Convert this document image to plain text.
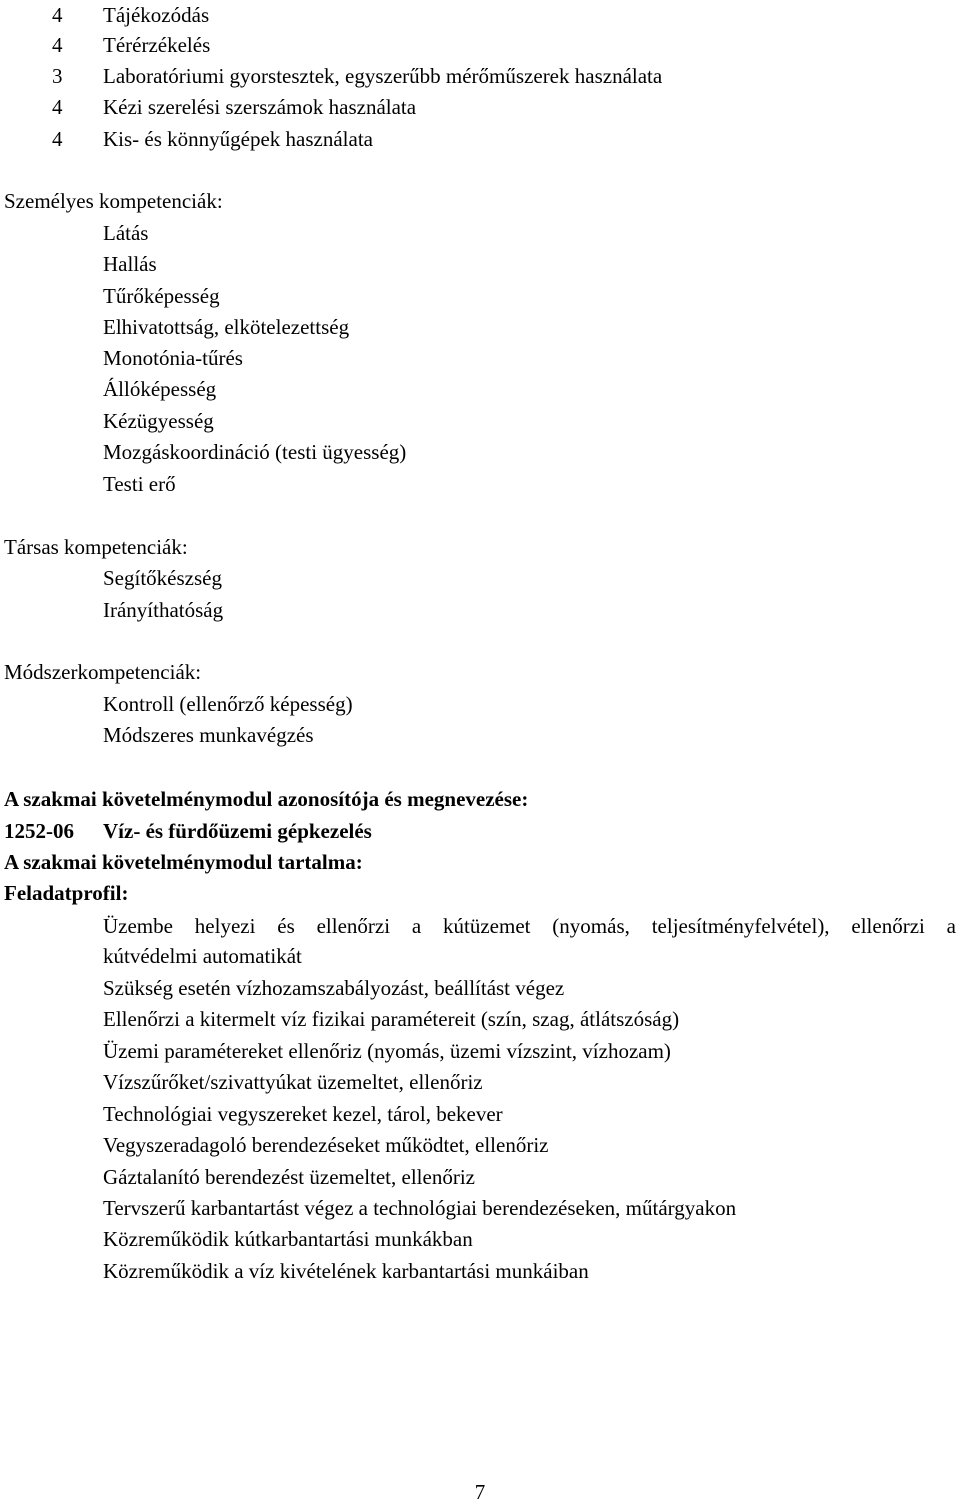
4 Tájékozódás
4 Térérzékelés
3 Laboratóriumi gyorstesztek, egyszerűbb mérőműszerek használata
4 Kézi szerelési szerszámok használata
4 Kis- és könnyűgépek használata
Személyes kompetenciák:
Látás
Hallás
Tűrőképesség
Elhivatottság, elkötelezettség
Monotónia-tűrés
Állóképesség
Kézügyesség
Mozgáskoordináció (testi ügyesség)
Testi erő
Társas kompetenciák:
Segítőkészség
Irányíthatóság
Módszerkompetenciák:
Kontroll (ellenőrző képesség)
Módszeres munkavégzés
A szakmai követelménymodul azonosítója és megnevezése:
1252-06 Víz- és fürdőüzemi gépkezelés
A szakmai követelménymodul tartalma:
Feladatprofil:
Üzembe helyezi és ellenőrzi a kútüzemet (nyomás, teljesítményfelvétel), ellenőrzi a
kútvédelmi automatikát
Szükség esetén vízhozamszabályozást, beállítást végez
Ellenőrzi a kitermelt víz fizikai paramétereit (szín, szag, átlátszóság)
Üzemi paramétereket ellenőriz (nyomás, üzemi vízszint, vízhozam)
Vízszűrőket/szivattyúkat üzemeltet, ellenőriz
Technológiai vegyszereket kezel, tárol, bekever
Vegyszeradagoló berendezéseket működtet, ellenőriz
Gáztalanító berendezést üzemeltet, ellenőriz
Tervszerű karbantartást végez a technológiai berendezéseken, műtárgyakon
Közreműködik kútkarbantartási munkákban
Közreműködik a víz kivételének karbantartási munkáiban
7
